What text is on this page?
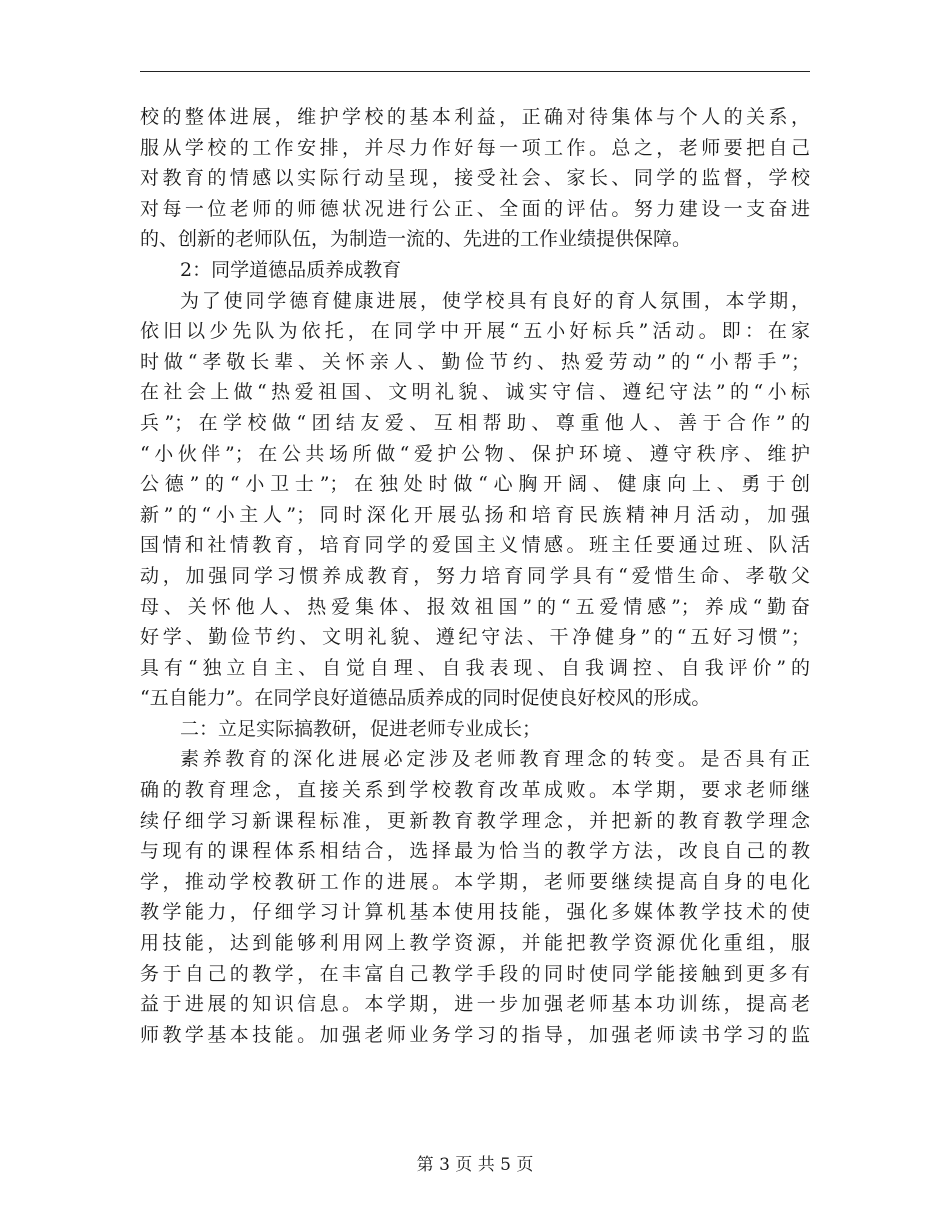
校的整体进展，维护学校的基本利益，正确对待集体与个人的关系，
服从学校的工作安排，并尽力作好每一项工作。总之，老师要把自己
对教育的情感以实际行动呈现，接受社会、家长、同学的监督，学校
对每一位老师的师德状况进行公正、全面的评估。努力建设一支奋进
的、创新的老师队伍，为制造一流的、先进的工作业绩提供保障。
2：同学道德品质养成教育
为了使同学德育健康进展，使学校具有良好的育人氛围，本学期，
依旧以少先队为依托，在同学中开展“五小好标兵”活动。即：在家
时做“孝敬长辈、关怀亲人、勤俭节约、热爱劳动”的“小帮手”；
在社会上做“热爱祖国、文明礼貌、诚实守信、遵纪守法”的“小标
兵”；在学校做“团结友爱、互相帮助、尊重他人、善于合作”的
“小伙伴”；在公共场所做“爱护公物、保护环境、遵守秩序、维护
公德”的“小卫士”；在独处时做“心胸开阔、健康向上、勇于创
新”的“小主人”；同时深化开展弘扬和培育民族精神月活动，加强
国情和社情教育，培育同学的爱国主义情感。班主任要通过班、队活
动，加强同学习惯养成教育，努力培育同学具有“爱惜生命、孝敬父
母、关怀他人、热爱集体、报效祖国”的“五爱情感”；养成“勤奋
好学、勤俭节约、文明礼貌、遵纪守法、干净健身”的“五好习惯”；
具有“独立自主、自觉自理、自我表现、自我调控、自我评价”的
“五自能力”。在同学良好道德品质养成的同时促使良好校风的形成。
二：立足实际搞教研，促进老师专业成长；
素养教育的深化进展必定涉及老师教育理念的转变。是否具有正
确的教育理念，直接关系到学校教育改革成败。本学期，要求老师继
续仔细学习新课程标准，更新教育教学理念，并把新的教育教学理念
与现有的课程体系相结合，选择最为恰当的教学方法，改良自己的教
学，推动学校教研工作的进展。本学期，老师要继续提高自身的电化
教学能力，仔细学习计算机基本使用技能，强化多媒体教学技术的使
用技能，达到能够利用网上教学资源，并能把教学资源优化重组，服
务于自己的教学，在丰富自己教学手段的同时使同学能接触到更多有
益于进展的知识信息。本学期，进一步加强老师基本功训练，提高老
师教学基本技能。加强老师业务学习的指导，加强老师读书学习的监
第 3 页 共 5 页
